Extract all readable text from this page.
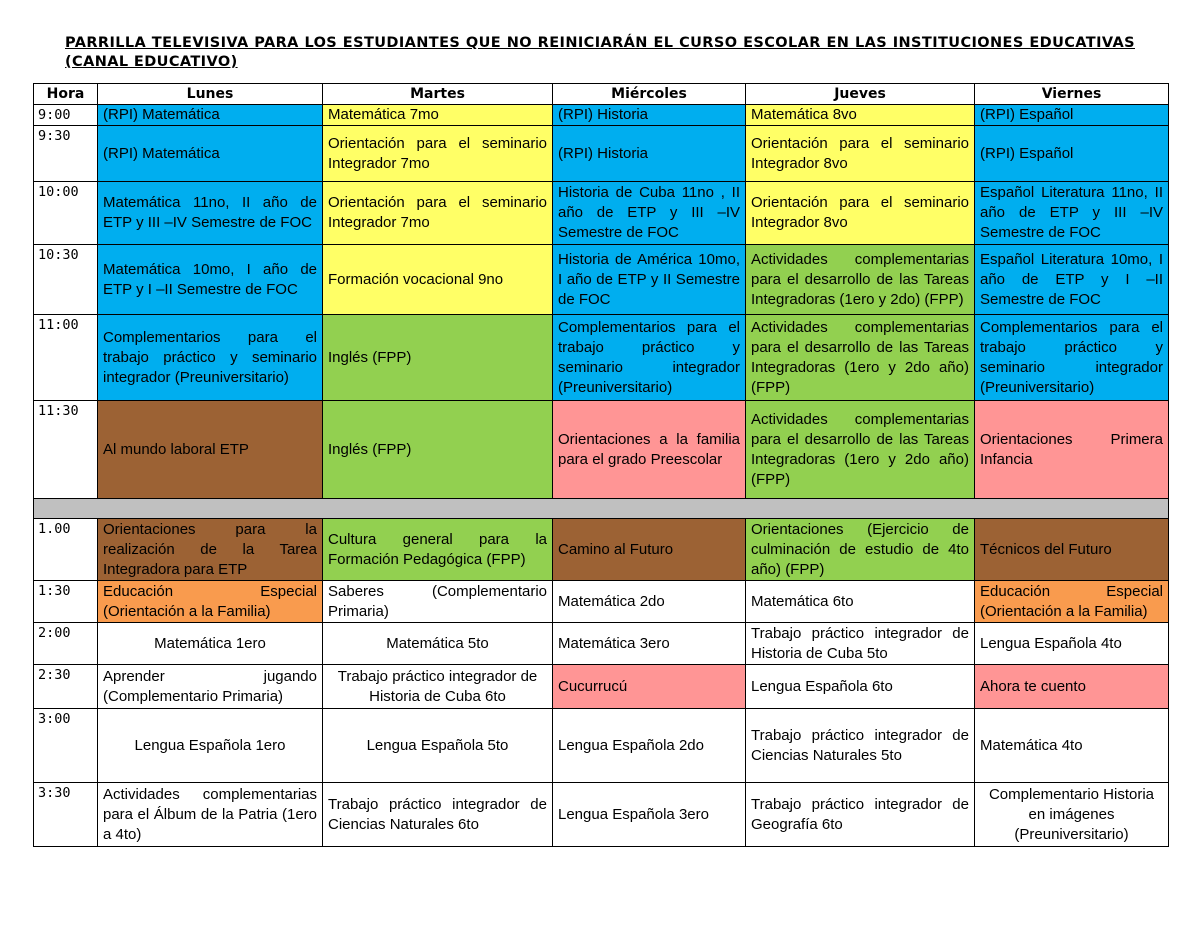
PARRILLA TELEVISIVA PARA LOS ESTUDIANTES QUE NO REINICIARÁN EL CURSO ESCOLAR EN LAS INSTITUCIONES EDUCATIVAS (CANAL EDUCATIVO)
Hora	Lunes	Martes	Miércoles	Jueves	Viernes
9:00	(RPI) Matemática	Matemática 7mo	(RPI) Historia	Matemática 8vo	(RPI) Español
9:30	(RPI) Matemática	Orientación para el seminario Integrador 7mo	(RPI) Historia	Orientación para el seminario Integrador 8vo	(RPI) Español
10:00	Matemática 11no, II año de ETP y III –IV Semestre de FOC	Orientación para el seminario Integrador 7mo	Historia de Cuba 11no , II año de ETP y III –IV Semestre de FOC	Orientación para el seminario Integrador 8vo	Español Literatura 11no, II año de ETP y III –IV Semestre de FOC
10:30	Matemática 10mo, I año de ETP y I –II Semestre de FOC	Formación vocacional 9no	Historia de América 10mo, I año de ETP y II Semestre de FOC	Actividades complementarias para el desarrollo de las Tareas Integradoras (1ero y 2do) (FPP)	Español Literatura 10mo, I año de ETP y I –II Semestre de FOC
11:00	Complementarios para el trabajo práctico y seminario integrador (Preuniversitario)	Inglés (FPP)	Complementarios para el trabajo práctico y seminario integrador (Preuniversitario)	Actividades complementarias para el desarrollo de las Tareas Integradoras (1ero y 2do año) (FPP)	Complementarios para el trabajo práctico y seminario integrador (Preuniversitario)
11:30	Al mundo laboral ETP	Inglés (FPP)	Orientaciones a la familia para el grado Preescolar	Actividades complementarias para el desarrollo de las Tareas Integradoras (1ero y 2do año) (FPP)	Orientaciones Primera Infancia

1.00	Orientaciones para la realización de la Tarea Integradora para ETP	Cultura general para la Formación Pedagógica (FPP)	Camino al Futuro	Orientaciones (Ejercicio de culminación de estudio de 4to año) (FPP)	Técnicos del Futuro
1:30	Educación Especial (Orientación a la Familia)	Saberes (Complementario Primaria)	Matemática 2do	Matemática 6to	Educación Especial (Orientación a la Familia)
2:00	Matemática 1ero	Matemática 5to	Matemática 3ero	Trabajo práctico integrador de Historia de Cuba 5to	Lengua Española 4to
2:30	Aprender jugando (Complementario Primaria)	Trabajo práctico integrador de Historia de Cuba 6to	Cucurrucú	Lengua Española 6to	Ahora te cuento
3:00	Lengua Española 1ero	Lengua Española 5to	Lengua Española 2do	Trabajo práctico integrador de Ciencias Naturales 5to	Matemática 4to
3:30	Actividades complementarias para el Álbum de la Patria (1ero a 4to)	Trabajo práctico integrador de Ciencias Naturales 6to	Lengua Española 3ero	Trabajo práctico integrador de Geografía 6to	Complementario Historia en imágenes (Preuniversitario)
